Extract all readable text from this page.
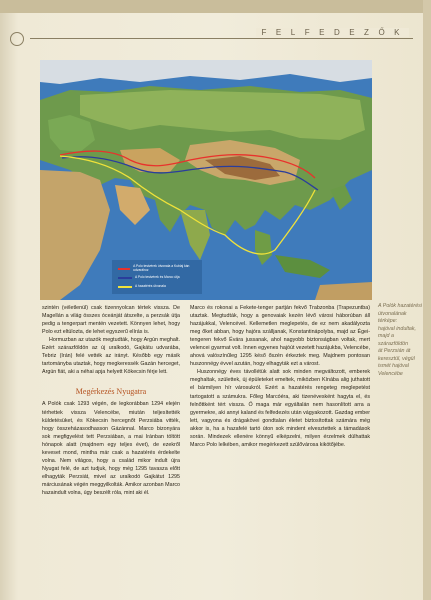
FELFEDEZŐK
A Polo testvérek útvonala a Kublaj kán udvarához
A Polo testvérek és Marco útja
A hazatérés útvonala
A Polók hazatérési
útvonalának
térképe:
hajóval indultak,
majd a szárazföldön
át Perzsián át
keresztül, végül
ismét hajóval
Velencébe

szintén (véletlenül) csak tizennyolcan tértek vissza. De Magellán a világ összes óceánját átszelte, a perzsák útja pedig a tengerpart mentén vezetett. Könnyen lehet, hogy Polo ezt eltúlozta, de lehet egyszerű elírás is.

Hormuzban az utazók megtudták, hogy Argún meghalt. Ezért szárazföldön az új uralkodó, Gajkátu udvarába, Tebriz (Irán) felé vették az irányt. Később egy másik tartományba utaztak, hogy megkeressék Gazán herceget, Argún fiát, aki a néhai apja helyett Kökecsin férje lett.

Megérkezés Nyugatra

A Polók csak 1293 végén, de legkorábban 1294 elején térhettek vissza Velencébe, miután teljesítették küldetésüket, és Kökecsin hercegnőt Perzsiába vitték, hogy összeházasodhasson Gázánnal. Marco bizonyára sok megfigyelést tett Perzsiában, a mai Iránban töltött hónapok alatt (majdnem egy teljes évet), de ezekről keveset mond, mintha már csak a hazatérés érdekelte volna. Nem világos, hogy a család mikor indult újra Nyugat felé, de azt tudjuk, hogy még 1295 tavasza előtt elhagyták Perzsiát, mivel az uralkodó Gajkátut 1295 márciusának végén meggyilkolták. Amikor azonban Marco hazaindult volna, úgy beszélt róla, mint aki él.

Marco és rokonai a Fekete-tenger partján fekvő Trabzonba (Trapezuntba) utaztak. Megtudták, hogy a genovaiak kezén lévő városi háborúban áll hazájukkal, Velencével. Kellemetlen meglepetés, de ez nem akadályozta meg őket abban, hogy hajóra szálljanak, Konstantinápolyba, majd az Égei-tengeren fekvő Évára jussanak, ahol nagyobb biztonságban voltak, mert velencei gyarmat volt. Innen egyenes hajóút vezetett hazájukba, Velencébe, ahová valószínűleg 1295 késő őszén érkeztek meg. Majdnem pontosan huszonnégy évvel azután, hogy elhagyták ezt a várost.

Huszonnégy éves távollétük alatt sok minden megváltozott, emberek meghaltak, születtek, új épületeket emeltek, miközben Kínába alig juthatott el bármilyen hír városukról. Ezért a hazatérés rengeteg meglepetést tartogatott a számukra. Főleg Marcóéra, aki tizenévesként hagyta el, és felnőttként tért vissza. Ő maga már egyáltalán nem hasonlított arra a gyermekre, aki annyi kaland és felfedezés után vágyakozott. Gazdag ember lett, vagyona és drágakövei gondtalan életet biztosítottak számára még akkor is, ha a hazafelé tartó úton sok mindent elvesztettek a támadások során. Mindezek ellenére könnyű elképzelni, milyen érzelmek dúlhattak Marco Polo lelkében, amikor megérkezett szülővárosa kikötőjébe.
